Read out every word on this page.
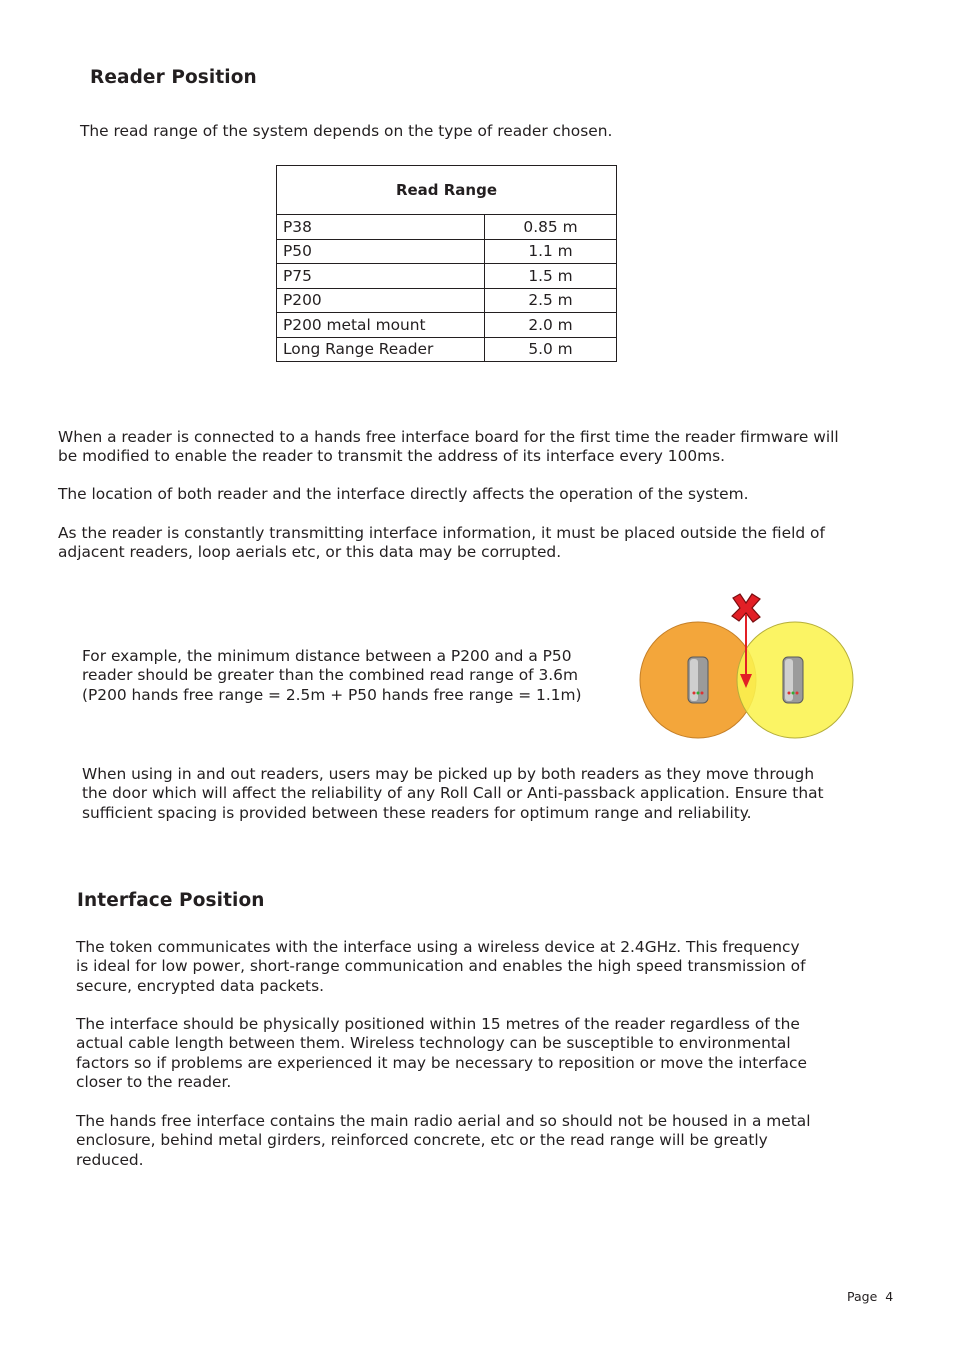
Reader Position

The read range of the system depends on the type of reader chosen.

Read Range	
P38	0.85 m
P50	1.1 m
P75	1.5 m
P200	2.5 m
P200 metal mount	2.0 m
Long Range Reader	5.0 m

When a reader is connected to a hands free interface board for the first time the reader firmware will
be modified to enable the reader to transmit the address of its interface every 100ms.

The location of both reader and the interface directly affects the operation of the system.

As the reader is constantly transmitting interface information, it must be placed outside the field of
adjacent readers, loop aerials etc, or this data may be corrupted.

For example, the minimum distance between a P200 and a P50
reader should be greater than the combined read range of 3.6m
(P200 hands free range = 2.5m + P50 hands free range = 1.1m)

When using in and out readers, users may be picked up by both readers as they move through
the door which will affect the reliability of any Roll Call or Anti-passback application. Ensure that
sufficient spacing is provided between these readers for optimum range and reliability.

Interface Position

The token communicates with the interface using a wireless device at 2.4GHz. This frequency
is ideal for low power, short-range communication and enables the high speed transmission of
secure, encrypted data packets.

The interface should be physically positioned within 15 metres of the reader regardless of the
actual cable length between them. Wireless technology can be susceptible to environmental
factors so if problems are experienced it may be necessary to reposition or move the interface
closer to the reader.

The hands free interface contains the main radio aerial and so should not be housed in a metal
enclosure, behind metal girders, reinforced concrete, etc or the read range will be greatly
reduced.

Page  4
